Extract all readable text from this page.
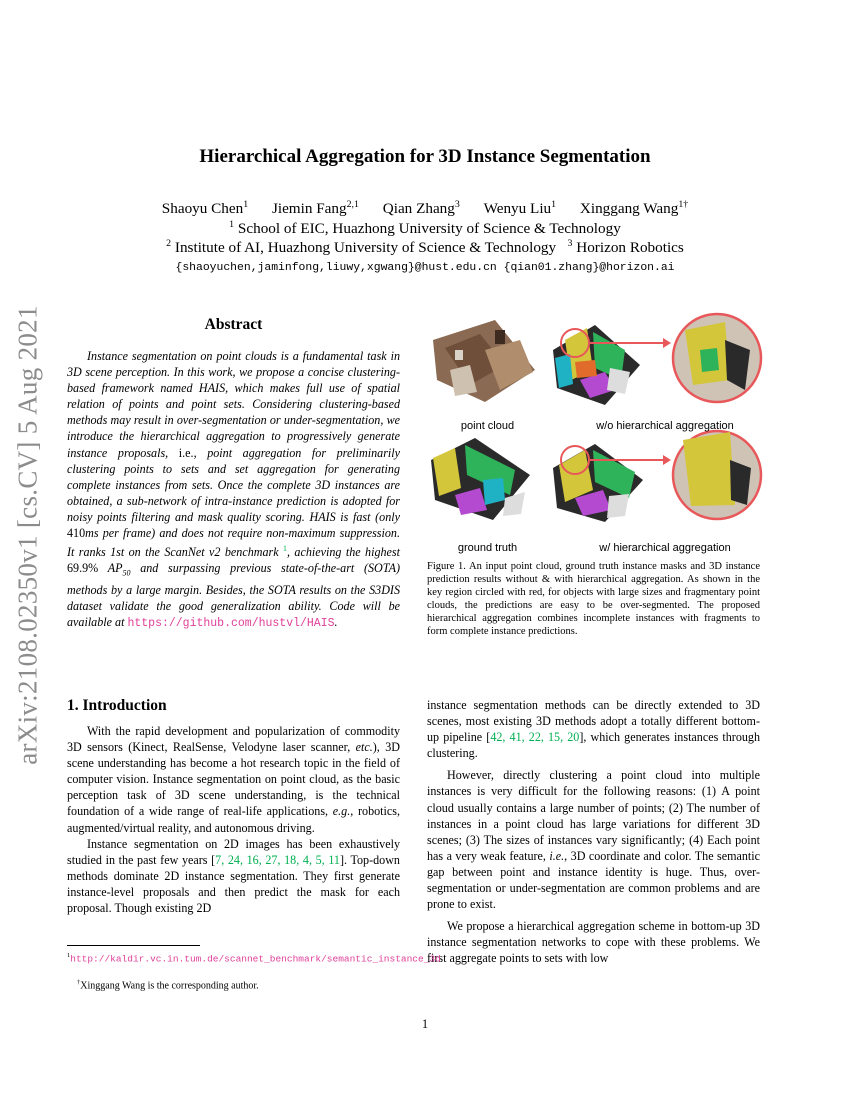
arXiv:2108.02350v1 [cs.CV] 5 Aug 2021
Hierarchical Aggregation for 3D Instance Segmentation
Shaoyu Chen$^1$ Jiemin Fang$^{2,1}$ Qian Zhang$^3$ Wenyu Liu$^1$ Xinggang Wang$^{1\dagger}$
$^1$ School of EIC, Huazhong University of Science & Technology
$^2$ Institute of AI, Huazhong University of Science & Technology $^3$ Horizon Robotics
{shaoyuchen,jaminfong,liuwy,xgwang}@hust.edu.cn {qian01.zhang}@horizon.ai
Abstract
Instance segmentation on point clouds is a fundamental task in 3D scene perception. In this work, we propose a concise clustering-based framework named HAIS, which makes full use of spatial relation of points and point sets. Considering clustering-based methods may result in over-segmentation or under-segmentation, we introduce the hierarchical aggregation to progressively generate instance proposals, i.e., point aggregation for preliminarily clustering points to sets and set aggregation for generating complete instances from sets. Once the complete 3D instances are obtained, a sub-network of intra-instance prediction is adopted for noisy points filtering and mask quality scoring. HAIS is fast (only 410ms per frame) and does not require non-maximum suppression. It ranks 1st on the ScanNet v2 benchmark $^1$, achieving the highest 69.9% $AP_{50}$ and surpassing previous state-of-the-art (SOTA) methods by a large margin. Besides, the SOTA results on the S3DIS dataset validate the good generalization ability. Code will be available at https://github.com/hustvl/HAIS.
point cloud	w/o hierarchical aggregation
ground truth	w/ hierarchical aggregation
Figure 1. An input point cloud, ground truth instance masks and 3D instance prediction results without & with hierarchical aggregation. As shown in the key region circled with red, for objects with large sizes and fragmentary point clouds, the predictions are easy to be over-segmented. The proposed hierarchical aggregation combines incomplete instances with fragments to form complete instance predictions.
1. Introduction

With the rapid development and popularization of commodity 3D sensors (Kinect, RealSense, Velodyne laser scanner, etc.), 3D scene understanding has become a hot research topic in the field of computer vision. Instance segmentation on point cloud, as the basic perception task of 3D scene understanding, is the technical foundation of a wide range of real-life applications, e.g., robotics, augmented/virtual reality, and autonomous driving.

Instance segmentation on 2D images has been exhaustively studied in the past few years [7, 24, 16, 27, 18, 4, 5, 11]. Top-down methods dominate 2D instance segmentation. They first generate instance-level proposals and then predict the mask for each proposal. Though existing 2D

instance segmentation methods can be directly extended to 3D scenes, most existing 3D methods adopt a totally different bottom-up pipeline [42, 41, 22, 15, 20], which generates instances through clustering.

However, directly clustering a point cloud into multiple instances is very difficult for the following reasons: (1) A point cloud usually contains a large number of points; (2) The number of instances in a point cloud has large variations for different 3D scenes; (3) The sizes of instances vary significantly; (4) Each point has a very weak feature, i.e., 3D coordinate and color. The semantic gap between point and instance identity is huge. Thus, over-segmentation or under-segmentation are common problems and are prone to exist.

We propose a hierarchical aggregation scheme in bottom-up 3D instance segmentation networks to cope with these problems. We first aggregate points to sets with low

$^1$http://kaldir.vc.in.tum.de/scannet_benchmark/semantic_instance_3d
†Xinggang Wang is the corresponding author.
1
